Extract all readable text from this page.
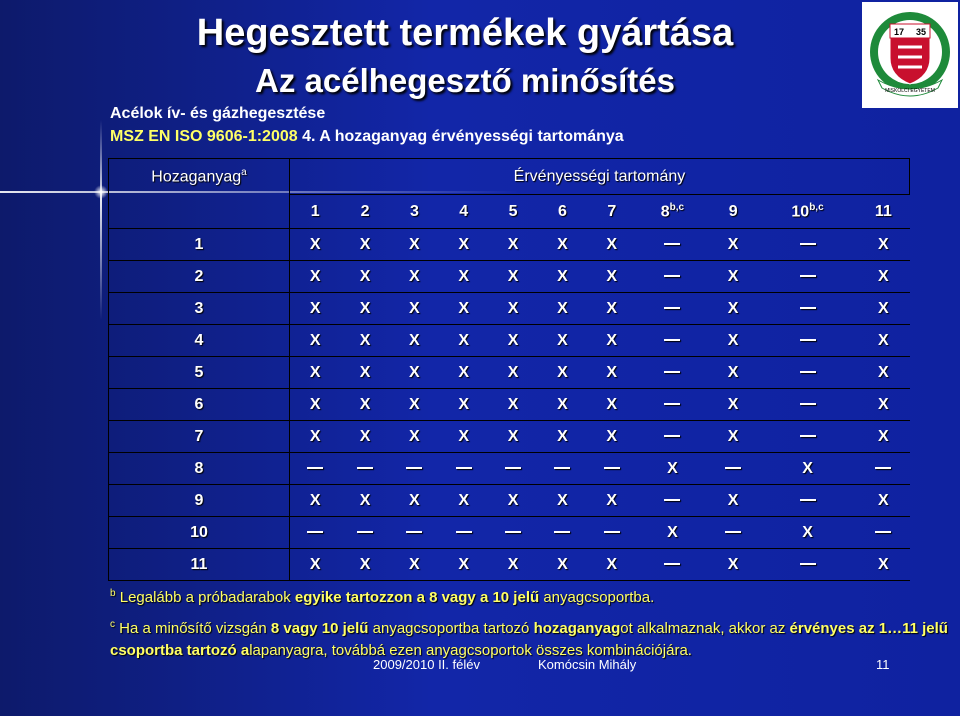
Hegesztett termékek gyártása
Az acélhegesztő minősítés
17 35
MISKOLCI EGYETEM
Acélok ív- és gázhegesztése
MSZ EN ISO 9606-1:2008 4. A hozaganyag érvényességi tartománya
Hozaganyag$^a$	Érvényességi tartomány										
	1	2	3	4	5	6	7	8$^{b,c}$	9	10$^{b,c}$	11
1	X	X	X	X	X	X	X		X		X
2	X	X	X	X	X	X	X		X		X
3	X	X	X	X	X	X	X		X		X
4	X	X	X	X	X	X	X		X		X
5	X	X	X	X	X	X	X		X		X
6	X	X	X	X	X	X	X		X		X
7	X	X	X	X	X	X	X		X		X
8								X		X	
9	X	X	X	X	X	X	X		X		X
10								X		X	
11	X	X	X	X	X	X	X		X		X
$^b$ Legalább a próbadarabok egyike tartozzon a 8 vagy a 10 jelű anyagcsoportba.
$^c$ Ha a minősítő vizsgán 8 vagy 10 jelű anyagcsoportba tartozó hozaganyagot alkalmaznak, akkor az érvényes az 1…11 jelű csoportba tartozó alapanyagra, továbbá ezen anyagcsoportok összes kombinációjára.
2009/2010 II. félév	Komócsin Mihály	11
